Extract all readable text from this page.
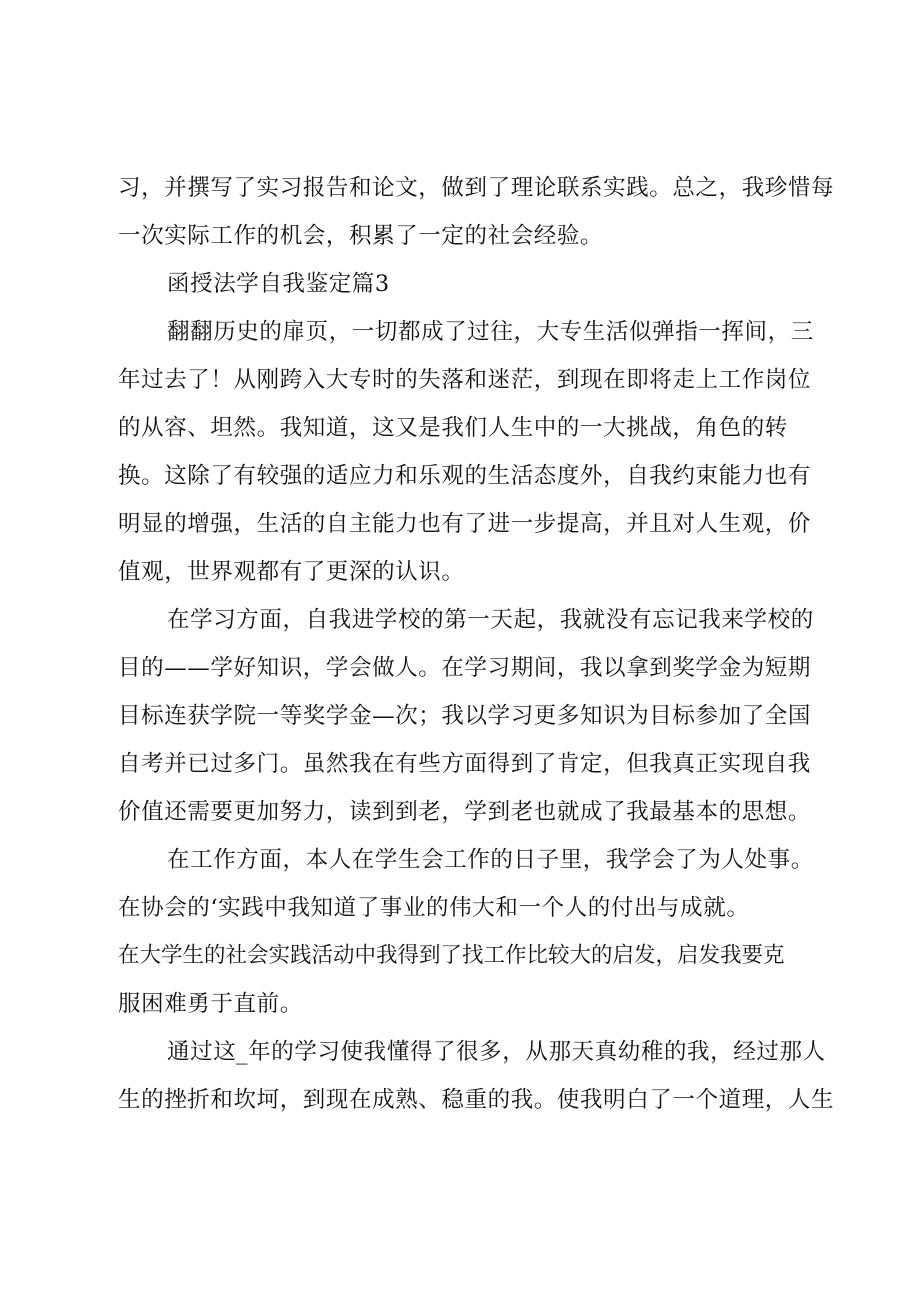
习，并撰写了实习报告和论文，做到了理论联系实践。总之，我珍惜每
一次实际工作的机会，积累了一定的社会经验。
函授法学自我鉴定篇3
翻翻历史的扉页，一切都成了过往，大专生活似弹指一挥间，三
年过去了！从刚跨入大专时的失落和迷茫，到现在即将走上工作岗位
的从容、坦然。我知道，这又是我们人生中的一大挑战，角色的转
换。这除了有较强的适应力和乐观的生活态度外，自我约束能力也有
明显的增强，生活的自主能力也有了进一步提高，并且对人生观，价
值观，世界观都有了更深的认识。
在学习方面，自我进学校的第一天起，我就没有忘记我来学校的
目的——学好知识，学会做人。在学习期间，我以拿到奖学金为短期
目标连获学院一等奖学金—次；我以学习更多知识为目标参加了全国
自考并已过多门。虽然我在有些方面得到了肯定，但我真正实现自我
价值还需要更加努力，读到到老，学到老也就成了我最基本的思想。
在工作方面，本人在学生会工作的日子里，我学会了为人处事。
在协会的‘实践中我知道了事业的伟大和一个人的付出与成就。
在大学生的社会实践活动中我得到了找工作比较大的启发，启发我要克
服困难勇于直前。
通过这_年的学习使我懂得了很多，从那天真幼稚的我，经过那人
生的挫折和坎坷，到现在成熟、稳重的我。使我明白了一个道理，人生
